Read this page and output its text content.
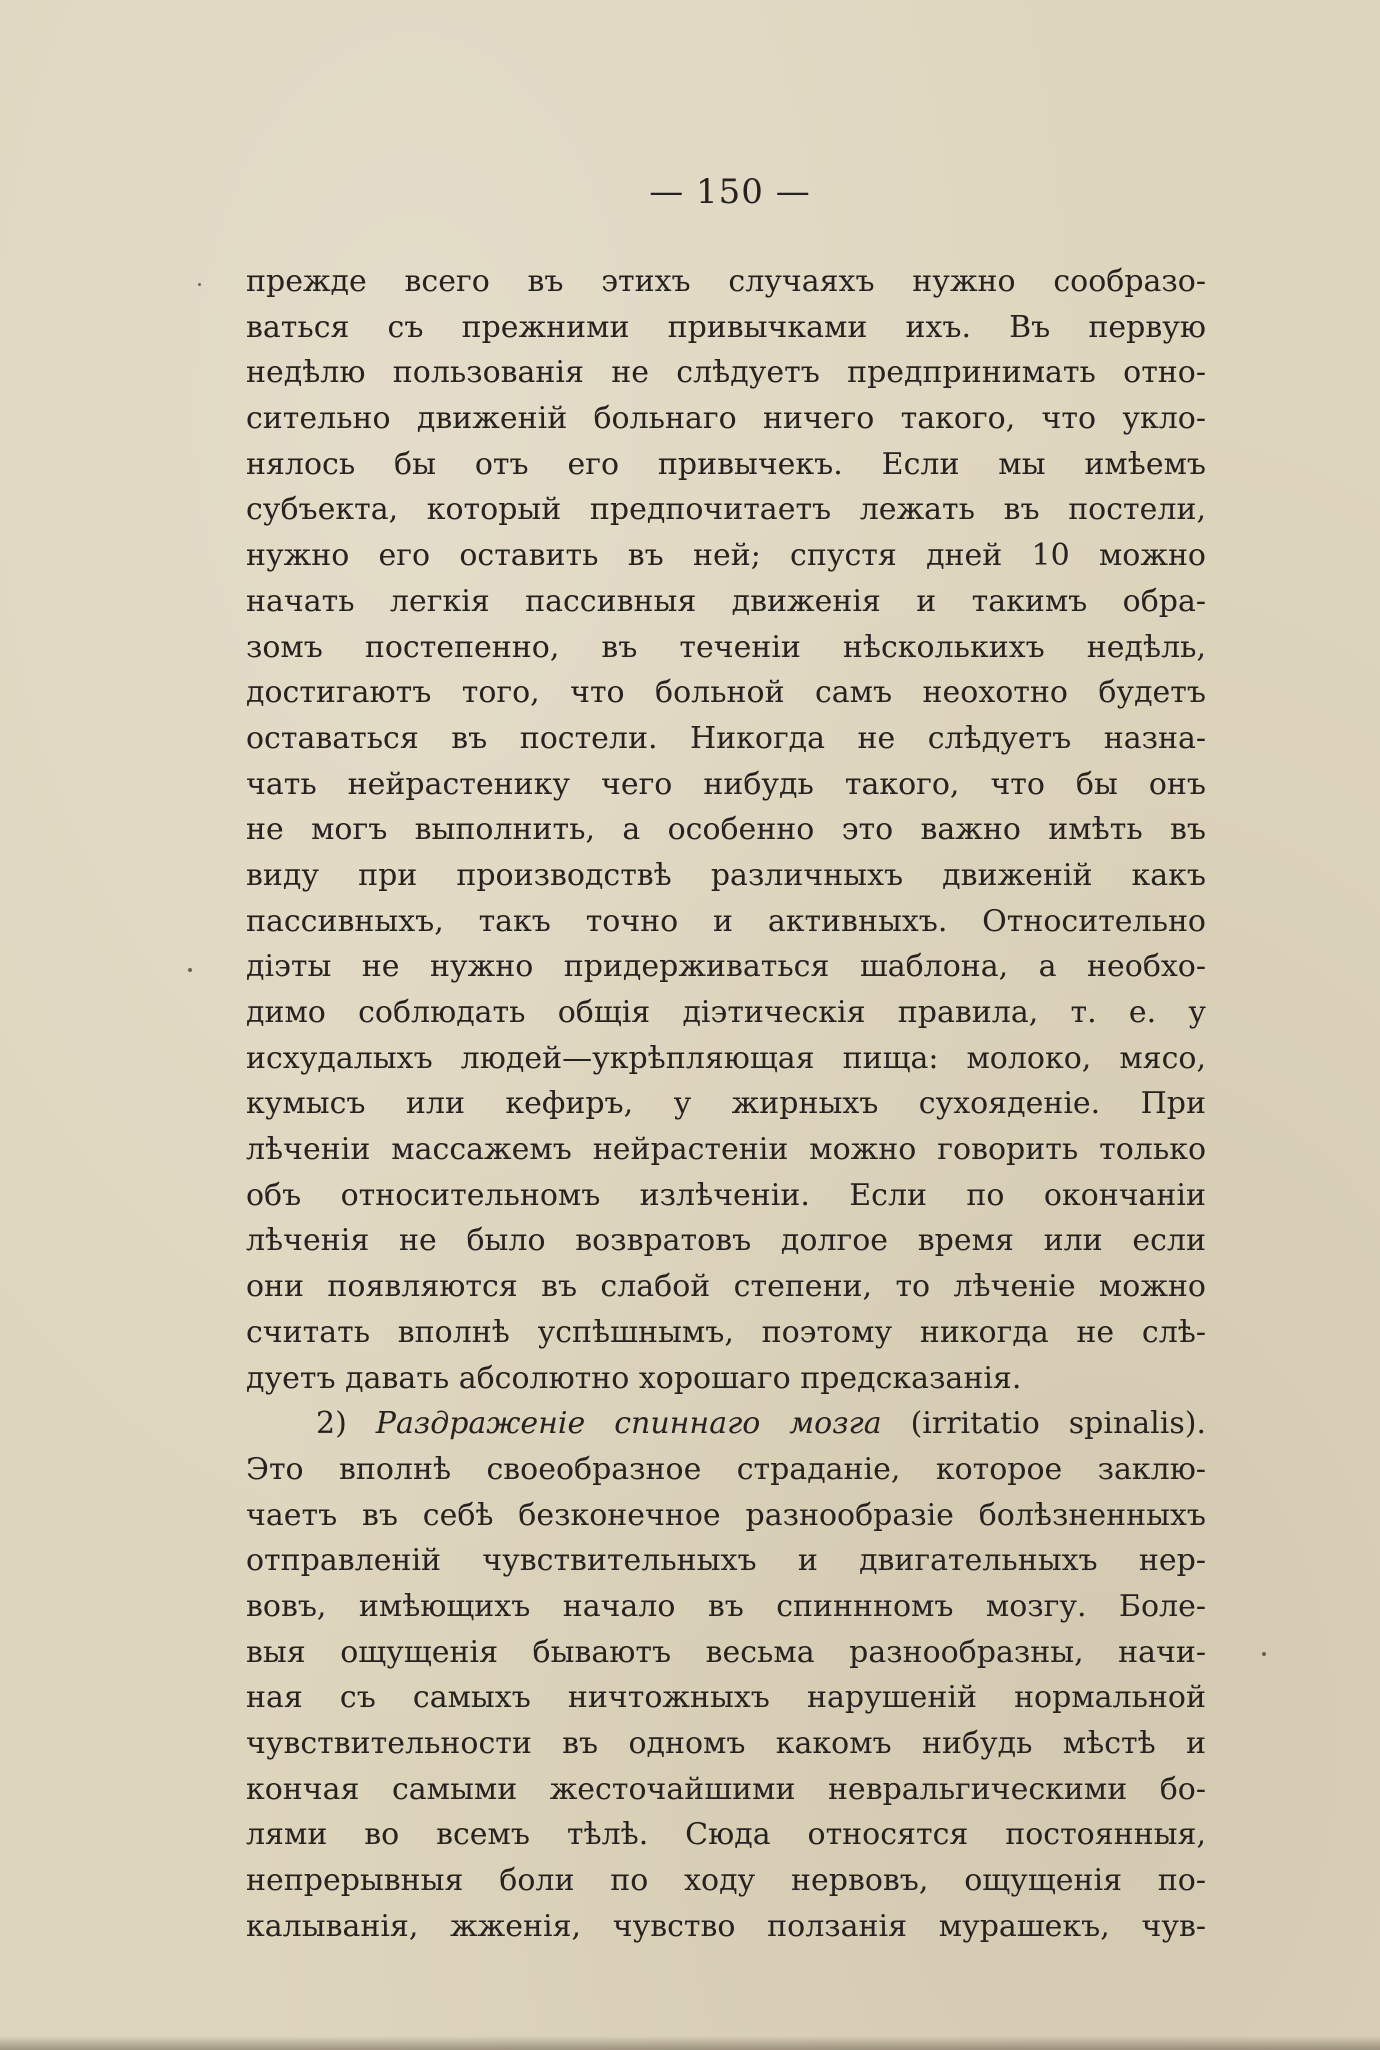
— 150 —
прежде всего въ этихъ случаяхъ нужно сообразо-
ваться съ прежними привычками ихъ. Въ первую
недѣлю пользованія не слѣдуетъ предпринимать отно-
сительно движеній больнаго ничего такого, что укло-
нялось бы отъ его привычекъ. Если мы имѣемъ
субъекта, который предпочитаетъ лежать въ постели,
нужно его оставить въ ней; спустя дней 10 можно
начать легкія пассивныя движенія и такимъ обра-
зомъ постепенно, въ теченіи нѣсколькихъ недѣль,
достигаютъ того, что больной самъ неохотно будетъ
оставаться въ постели. Никогда не слѣдуетъ назна-
чать нейрастенику чего нибудь такого, что бы онъ
не могъ выполнить, а особенно это важно имѣть въ
виду при производствѣ различныхъ движеній какъ
пассивныхъ, такъ точно и активныхъ. Относительно
діэты не нужно придерживаться шаблона, а необхо-
димо соблюдать общія діэтическія правила, т. е. у
исхудалыхъ людей—укрѣпляющая пища: молоко, мясо,
кумысъ или кефиръ, у жирныхъ сухояденіе. При
лѣченіи массажемъ нейрастеніи можно говорить только
объ относительномъ излѣченіи. Если по окончаніи
лѣченія не было возвратовъ долгое время или если
они появляются въ слабой степени, то лѣченіе можно
считать вполнѣ успѣшнымъ, поэтому никогда не слѣ-
дуетъ давать абсолютно хорошаго предсказанія.
2) Раздраженіе спиннаго мозга (irritatio spinalis).
Это вполнѣ своеобразное страданіе, которое заклю-
чаетъ въ себѣ безконечное разнообразіе болѣзненныхъ
отправленій чувствительныхъ и двигательныхъ нер-
вовъ, имѣющихъ начало въ спиннномъ мозгу. Боле-
выя ощущенія бываютъ весьма разнообразны, начи-
ная съ самыхъ ничтожныхъ нарушеній нормальной
чувствительности въ одномъ какомъ нибудь мѣстѣ и
кончая самыми жесточайшими невральгическими бо-
лями во всемъ тѣлѣ. Сюда относятся постоянныя,
непрерывныя боли по ходу нервовъ, ощущенія по-
калыванія, жженія, чувство ползанія мурашекъ, чув-
